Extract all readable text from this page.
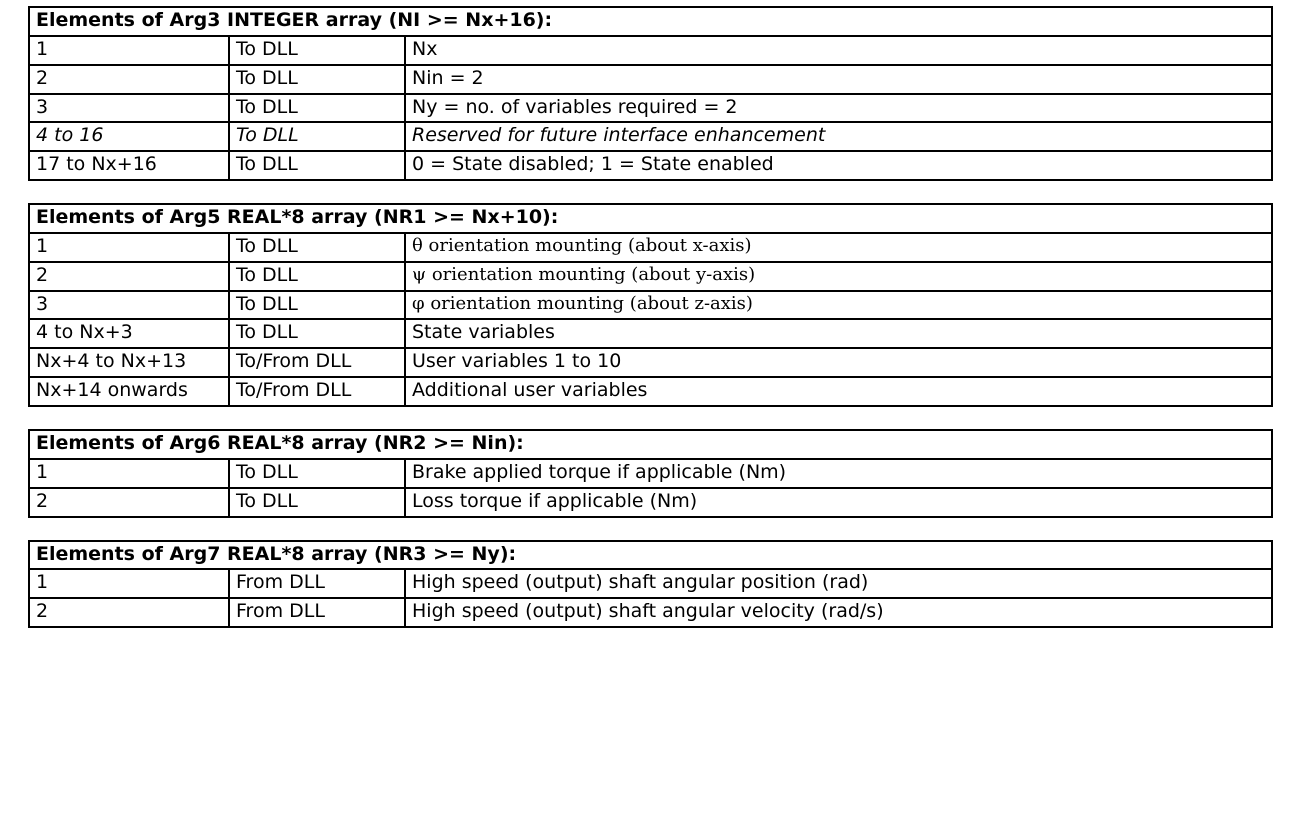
Elements of Arg3 INTEGER array (NI >= Nx+16):		
1	To DLL	Nx
2	To DLL	Nin = 2
3	To DLL	Ny = no. of variables required = 2
4 to 16	To DLL	Reserved for future interface enhancement
17 to Nx+16	To DLL	0 = State disabled; 1 = State enabled
Elements of Arg5 REAL*8 array (NR1 >= Nx+10):		
1	To DLL	θ orientation mounting (about x-axis)
2	To DLL	ψ orientation mounting (about y-axis)
3	To DLL	φ orientation mounting (about z-axis)
4 to Nx+3	To DLL	State variables
Nx+4 to Nx+13	To/From DLL	User variables 1 to 10
Nx+14 onwards	To/From DLL	Additional user variables
Elements of Arg6 REAL*8 array (NR2 >= Nin):		
1	To DLL	Brake applied torque if applicable (Nm)
2	To DLL	Loss torque if applicable (Nm)
Elements of Arg7 REAL*8 array (NR3 >= Ny):		
1	From DLL	High speed (output) shaft angular position (rad)
2	From DLL	High speed (output) shaft angular velocity (rad/s)
